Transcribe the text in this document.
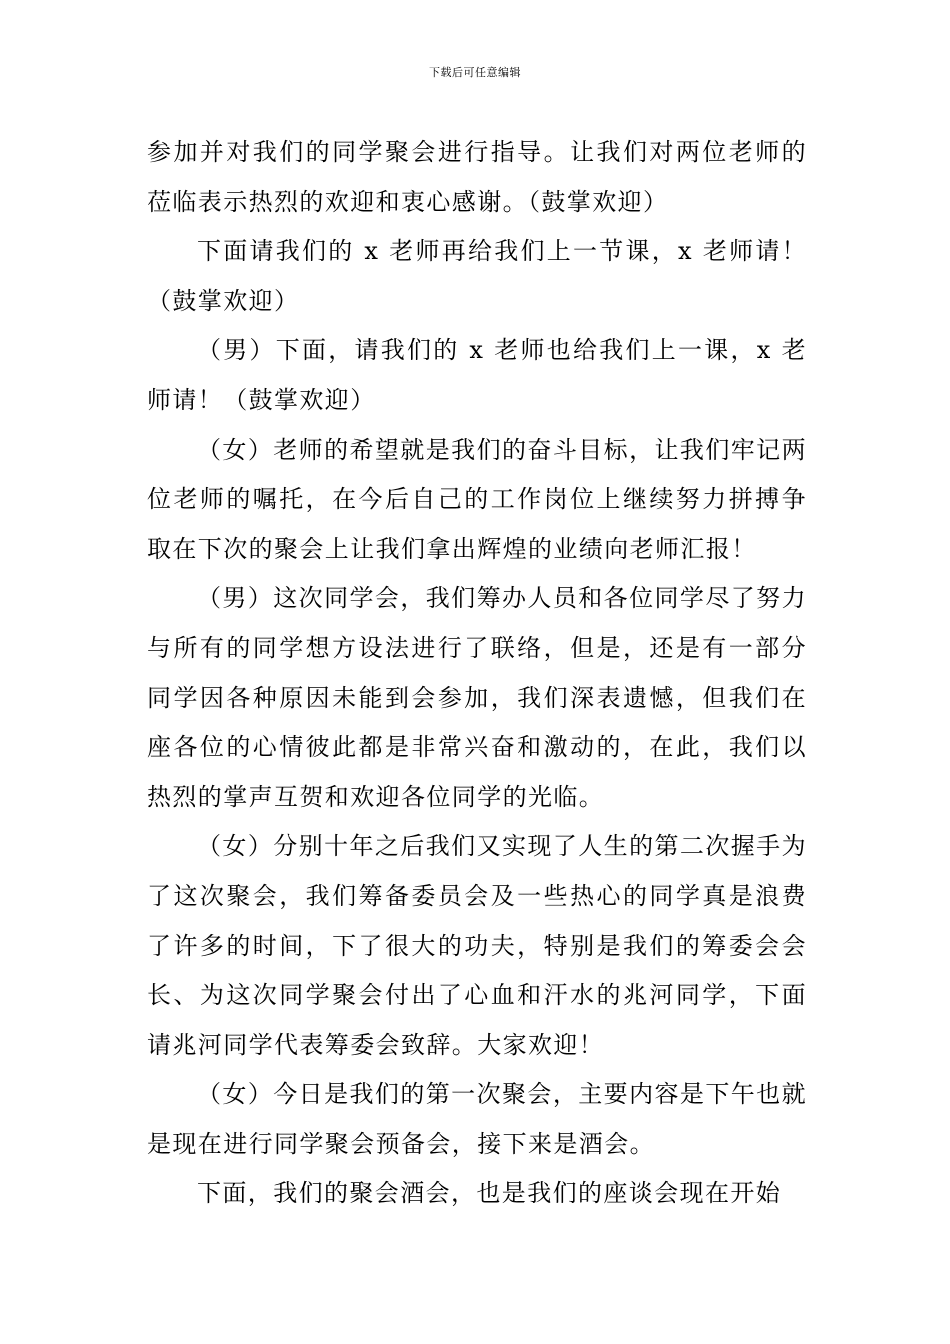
下载后可任意编辑

参加并对我们的同学聚会进行指导。让我们对两位老师的莅临表示热烈的欢迎和衷心感谢。（鼓掌欢迎）

下面请我们的 x 老师再给我们上一节课，x 老师请！（鼓掌欢迎）

（男）下面，请我们的 x 老师也给我们上一课，x 老师请！（鼓掌欢迎）

（女）老师的希望就是我们的奋斗目标，让我们牢记两位老师的嘱托，在今后自己的工作岗位上继续努力拼搏争取在下次的聚会上让我们拿出辉煌的业绩向老师汇报！

（男）这次同学会，我们筹办人员和各位同学尽了努力与所有的同学想方设法进行了联络，但是，还是有一部分同学因各种原因未能到会参加，我们深表遗憾，但我们在座各位的心情彼此都是非常兴奋和激动的，在此，我们以热烈的掌声互贺和欢迎各位同学的光临。

（女）分别十年之后我们又实现了人生的第二次握手为了这次聚会，我们筹备委员会及一些热心的同学真是浪费了许多的时间，下了很大的功夫，特别是我们的筹委会会长、为这次同学聚会付出了心血和汗水的兆河同学，下面请兆河同学代表筹委会致辞。大家欢迎！

（女）今日是我们的第一次聚会，主要内容是下午也就是现在进行同学聚会预备会，接下来是酒会。

下面，我们的聚会酒会，也是我们的座谈会现在开始
